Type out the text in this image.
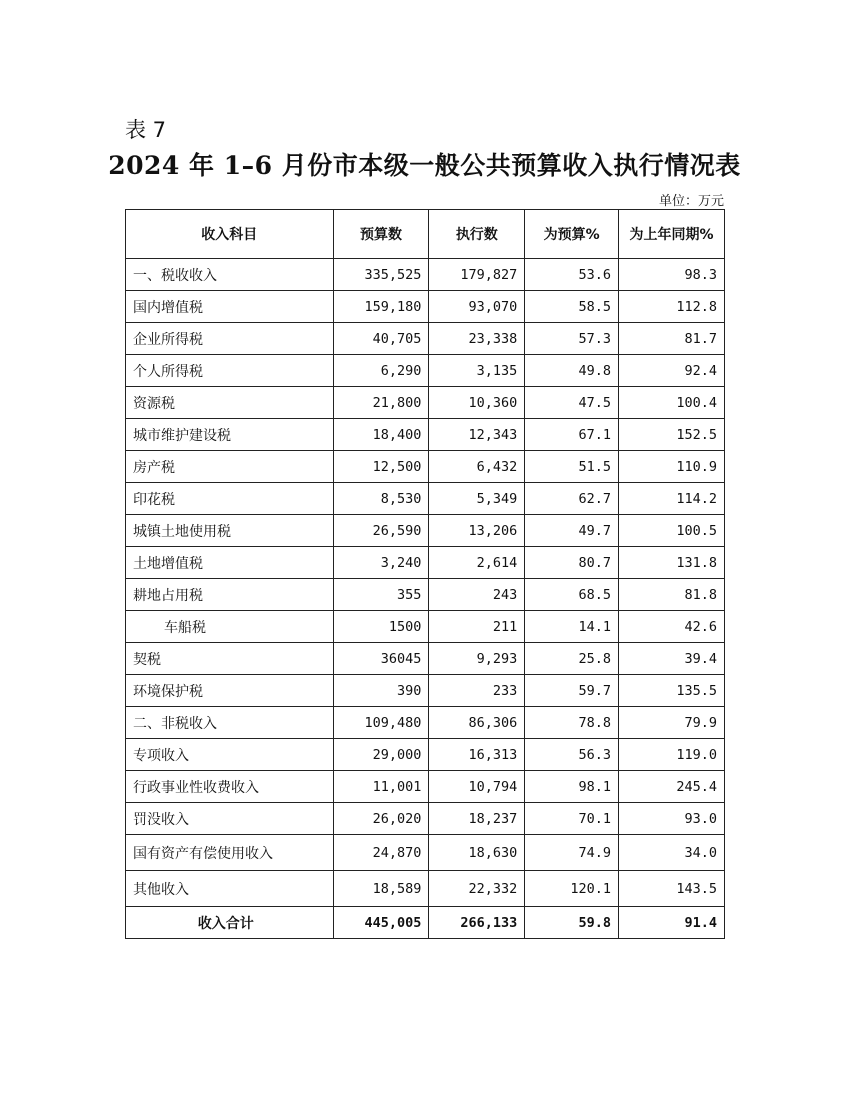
表 7
2024 年 1–6 月份市本级一般公共预算收入执行情况表
单位：万元
收入科目	预算数	执行数	为预算%	为上年同期%
一、税收收入	335,525	179,827	53.6	98.3
国内增值税	159,180	93,070	58.5	112.8
企业所得税	40,705	23,338	57.3	81.7
个人所得税	6,290	3,135	49.8	92.4
资源税	21,800	10,360	47.5	100.4
城市维护建设税	18,400	12,343	67.1	152.5
房产税	12,500	6,432	51.5	110.9
印花税	8,530	5,349	62.7	114.2
城镇土地使用税	26,590	13,206	49.7	100.5
土地增值税	3,240	2,614	80.7	131.8
耕地占用税	355	243	68.5	81.8
车船税	1500	211	14.1	42.6
契税	36045	9,293	25.8	39.4
环境保护税	390	233	59.7	135.5
二、非税收入	109,480	86,306	78.8	79.9
专项收入	29,000	16,313	56.3	119.0
行政事业性收费收入	11,001	10,794	98.1	245.4
罚没收入	26,020	18,237	70.1	93.0
国有资产有偿使用收入	24,870	18,630	74.9	34.0
其他收入	18,589	22,332	120.1	143.5
收入合计	445,005	266,133	59.8	91.4
